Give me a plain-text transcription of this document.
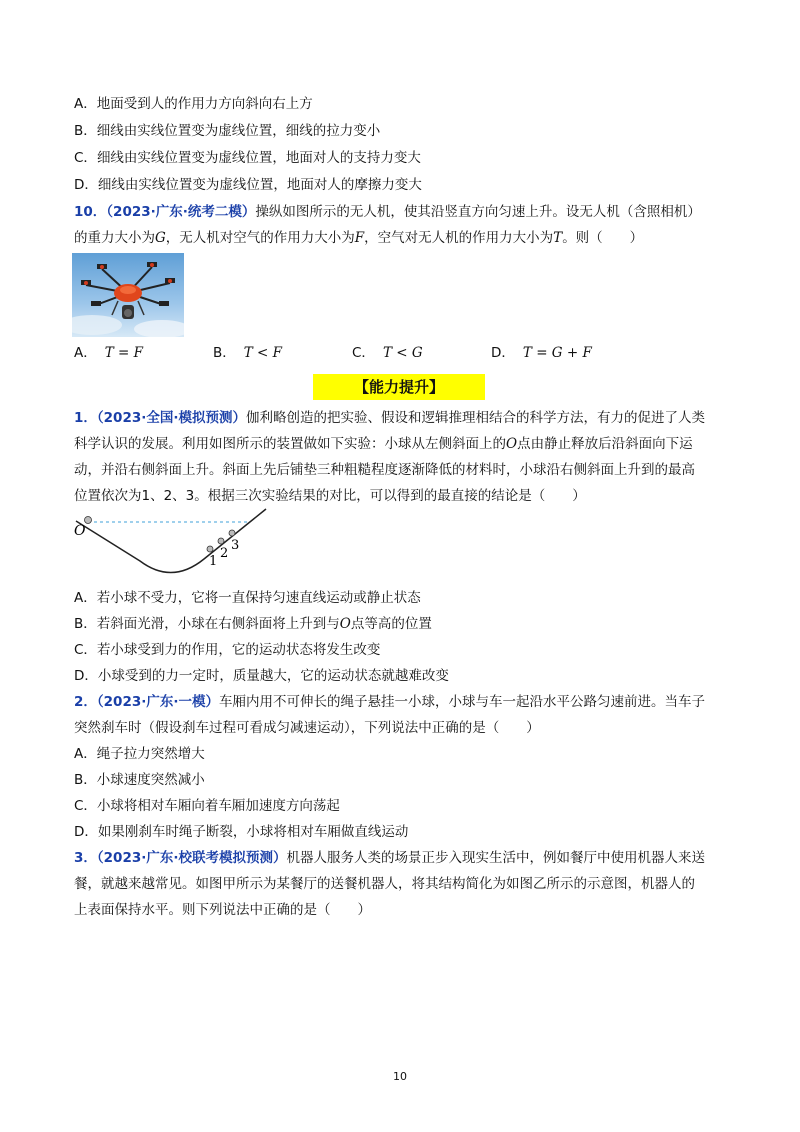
A．地面受到人的作用力方向斜向右上方
B．细线由实线位置变为虚线位置，细线的拉力变小
C．细线由实线位置变为虚线位置，地面对人的支持力变大
D．细线由实线位置变为虚线位置，地面对人的摩擦力变大
10．（2023·广东·统考二模）操纵如图所示的无人机，使其沿竖直方向匀速上升。设无人机（含照相机）
的重力大小为G，无人机对空气的作用力大小为F，空气对无人机的作用力大小为T。则（　　）
A． T = F	B． T < F	C． T < G	D． T = G + F
【能力提升】
1．（2023·全国·模拟预测）伽利略创造的把实验、假设和逻辑推理相结合的科学方法，有力的促进了人类
科学认识的发展。利用如图所示的装置做如下实验：小球从左侧斜面上的O点由静止释放后沿斜面向下运
动，并沿右侧斜面上升。斜面上先后铺垫三种粗糙程度逐渐降低的材料时，小球沿右侧斜面上升到的最高
位置依次为1、2、3。根据三次实验结果的对比，可以得到的最直接的结论是（　　）
O
1
2
3
A．若小球不受力，它将一直保持匀速直线运动或静止状态
B．若斜面光滑，小球在右侧斜面将上升到与O点等高的位置
C．若小球受到力的作用，它的运动状态将发生改变
D．小球受到的力一定时，质量越大，它的运动状态就越难改变
2．（2023·广东·一模）车厢内用不可伸长的绳子悬挂一小球，小球与车一起沿水平公路匀速前进。当车子
突然刹车时（假设刹车过程可看成匀减速运动），下列说法中正确的是（　　）
A．绳子拉力突然增大
B．小球速度突然减小
C．小球将相对车厢向着车厢加速度方向荡起
D．如果刚刹车时绳子断裂，小球将相对车厢做直线运动
3．（2023·广东·校联考模拟预测）机器人服务人类的场景正步入现实生活中，例如餐厅中使用机器人来送
餐，就越来越常见。如图甲所示为某餐厅的送餐机器人，将其结构简化为如图乙所示的示意图，机器人的
上表面保持水平。则下列说法中正确的是（　　）
10
